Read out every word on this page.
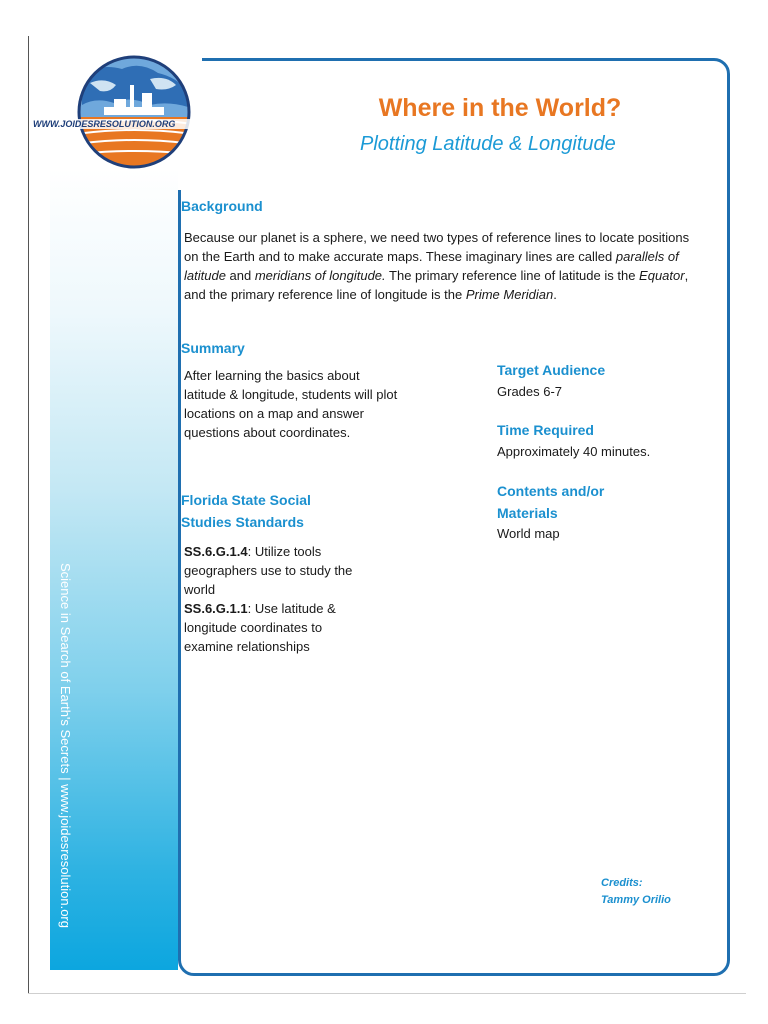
Science in Search of Earth's Secrets | www.joidesresolution.org
WWW.JOIDESRESOLUTION.ORG
Where in the World?
Plotting Latitude & Longitude
Background
Because our planet is a sphere, we need two types of reference lines to locate positions on the Earth and to make accurate maps. These imaginary lines are called parallels of latitude and meridians of longitude. The primary reference line of latitude is the Equator, and the primary reference line of longitude is the Prime Meridian.
Summary
After learning the basics about latitude & longitude, students will plot locations on a map and answer questions about coordinates.
Florida State Social Studies Standards
SS.6.G.1.4: Utilize tools geographers use to study the world
SS.6.G.1.1: Use latitude & longitude coordinates to examine relationships
Target Audience
Grades 6-7
Time Required
Approximately 40 minutes.
Contents and/or Materials
World map
Credits:
Tammy Orilio
